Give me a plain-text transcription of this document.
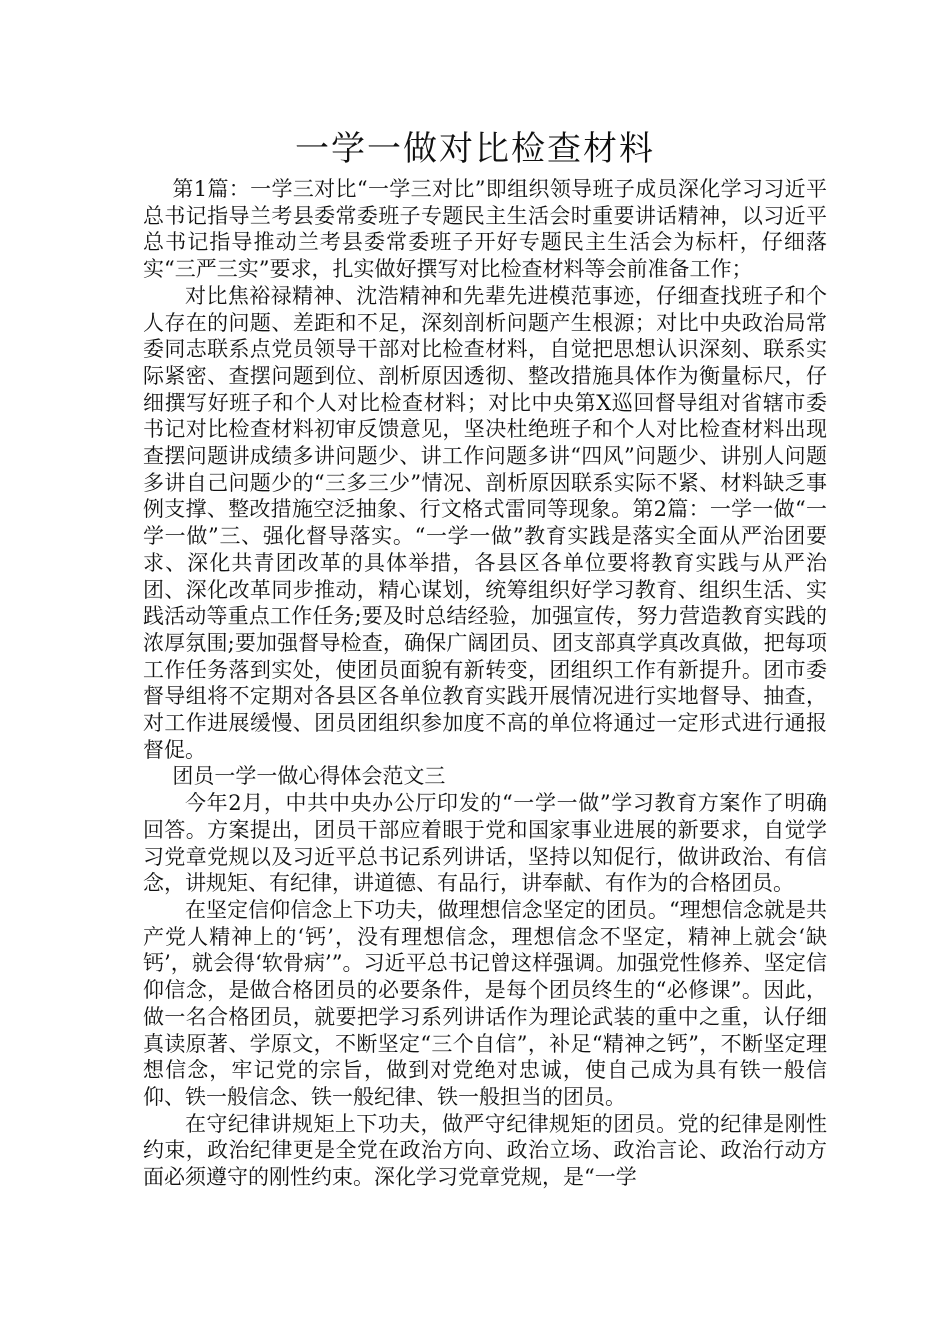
一学一做对比检查材料

第1篇：一学三对比“一学三对比”即组织领导班子成员深化学习习近平总书记指导兰考县委常委班子专题民主生活会时重要讲话精神，以习近平总书记指导推动兰考县委常委班子开好专题民主生活会为标杆，仔细落实“三严三实”要求，扎实做好撰写对比检查材料等会前准备工作；

对比焦裕禄精神、沈浩精神和先辈先进模范事迹，仔细查找班子和个人存在的问题、差距和不足，深刻剖析问题产生根源；对比中央政治局常委同志联系点党员领导干部对比检查材料，自觉把思想认识深刻、联系实际紧密、查摆问题到位、剖析原因透彻、整改措施具体作为衡量标尺，仔细撰写好班子和个人对比检查材料；对比中央第X巡回督导组对省辖市委书记对比检查材料初审反馈意见，坚决杜绝班子和个人对比检查材料出现查摆问题讲成绩多讲问题少、讲工作问题多讲“四风”问题少、讲别人问题多讲自己问题少的“三多三少”情况、剖析原因联系实际不紧、材料缺乏事例支撑、整改措施空泛抽象、行文格式雷同等现象。第2篇：一学一做“一学一做”三、强化督导落实。“一学一做”教育实践是落实全面从严治团要求、深化共青团改革的具体举措，各县区各单位要将教育实践与从严治团、深化改革同步推动，精心谋划，统筹组织好学习教育、组织生活、实践活动等重点工作任务;要及时总结经验，加强宣传，努力营造教育实践的浓厚氛围;要加强督导检查，确保广阔团员、团支部真学真改真做，把每项工作任务落到实处，使团员面貌有新转变，团组织工作有新提升。团市委督导组将不定期对各县区各单位教育实践开展情况进行实地督导、抽查，对工作进展缓慢、团员团组织参加度不高的单位将通过一定形式进行通报督促。

团员一学一做心得体会范文三

今年2月，中共中央办公厅印发的“一学一做”学习教育方案作了明确回答。方案提出，团员干部应着眼于党和国家事业进展的新要求，自觉学习党章党规以及习近平总书记系列讲话，坚持以知促行，做讲政治、有信念，讲规矩、有纪律，讲道德、有品行，讲奉献、有作为的合格团员。

在坚定信仰信念上下功夫，做理想信念坚定的团员。“理想信念就是共产党人精神上的‘钙’，没有理想信念，理想信念不坚定，精神上就会‘缺钙’，就会得‘软骨病’”。习近平总书记曾这样强调。加强党性修养、坚定信仰信念，是做合格团员的必要条件，是每个团员终生的“必修课”。因此，做一名合格团员，就要把学习系列讲话作为理论武装的重中之重，认仔细真读原著、学原文，不断坚定“三个自信”，补足“精神之钙”，不断坚定理想信念，牢记党的宗旨，做到对党绝对忠诚，使自己成为具有铁一般信仰、铁一般信念、铁一般纪律、铁一般担当的团员。

在守纪律讲规矩上下功夫，做严守纪律规矩的团员。党的纪律是刚性约束，政治纪律更是全党在政治方向、政治立场、政治言论、政治行动方面必须遵守的刚性约束。深化学习党章党规，是“一学
